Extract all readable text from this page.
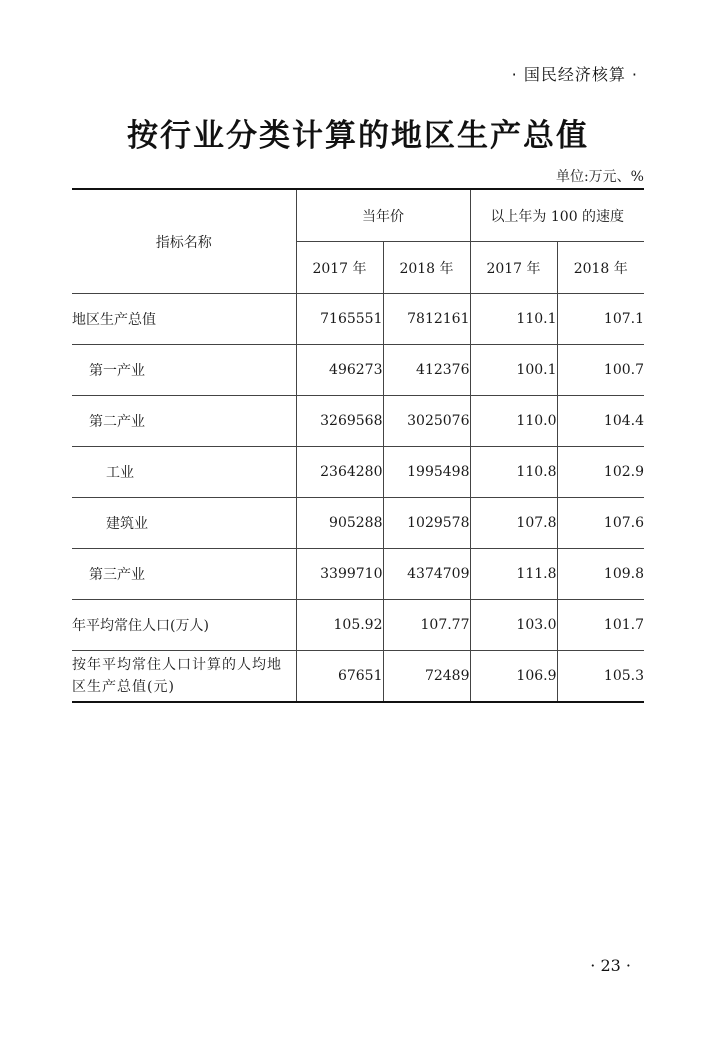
· 国民经济核算 ·
按行业分类计算的地区生产总值
单位:万元、%
指标名称	当年价		以上年为 100 的速度	
	2017 年	2018 年	2017 年	2018 年
地区生产总值	7165551	7812161	110.1	107.1
第一产业	496273	412376	100.1	100.7
第二产业	3269568	3025076	110.0	104.4
工业	2364280	1995498	110.8	102.9
建筑业	905288	1029578	107.8	107.6
第三产业	3399710	4374709	111.8	109.8
年平均常住人口(万人)	105.92	107.77	103.0	101.7
按年平均常住人口计算的人均地区生产总值(元)	67651	72489	106.9	105.3
· 23 ·
